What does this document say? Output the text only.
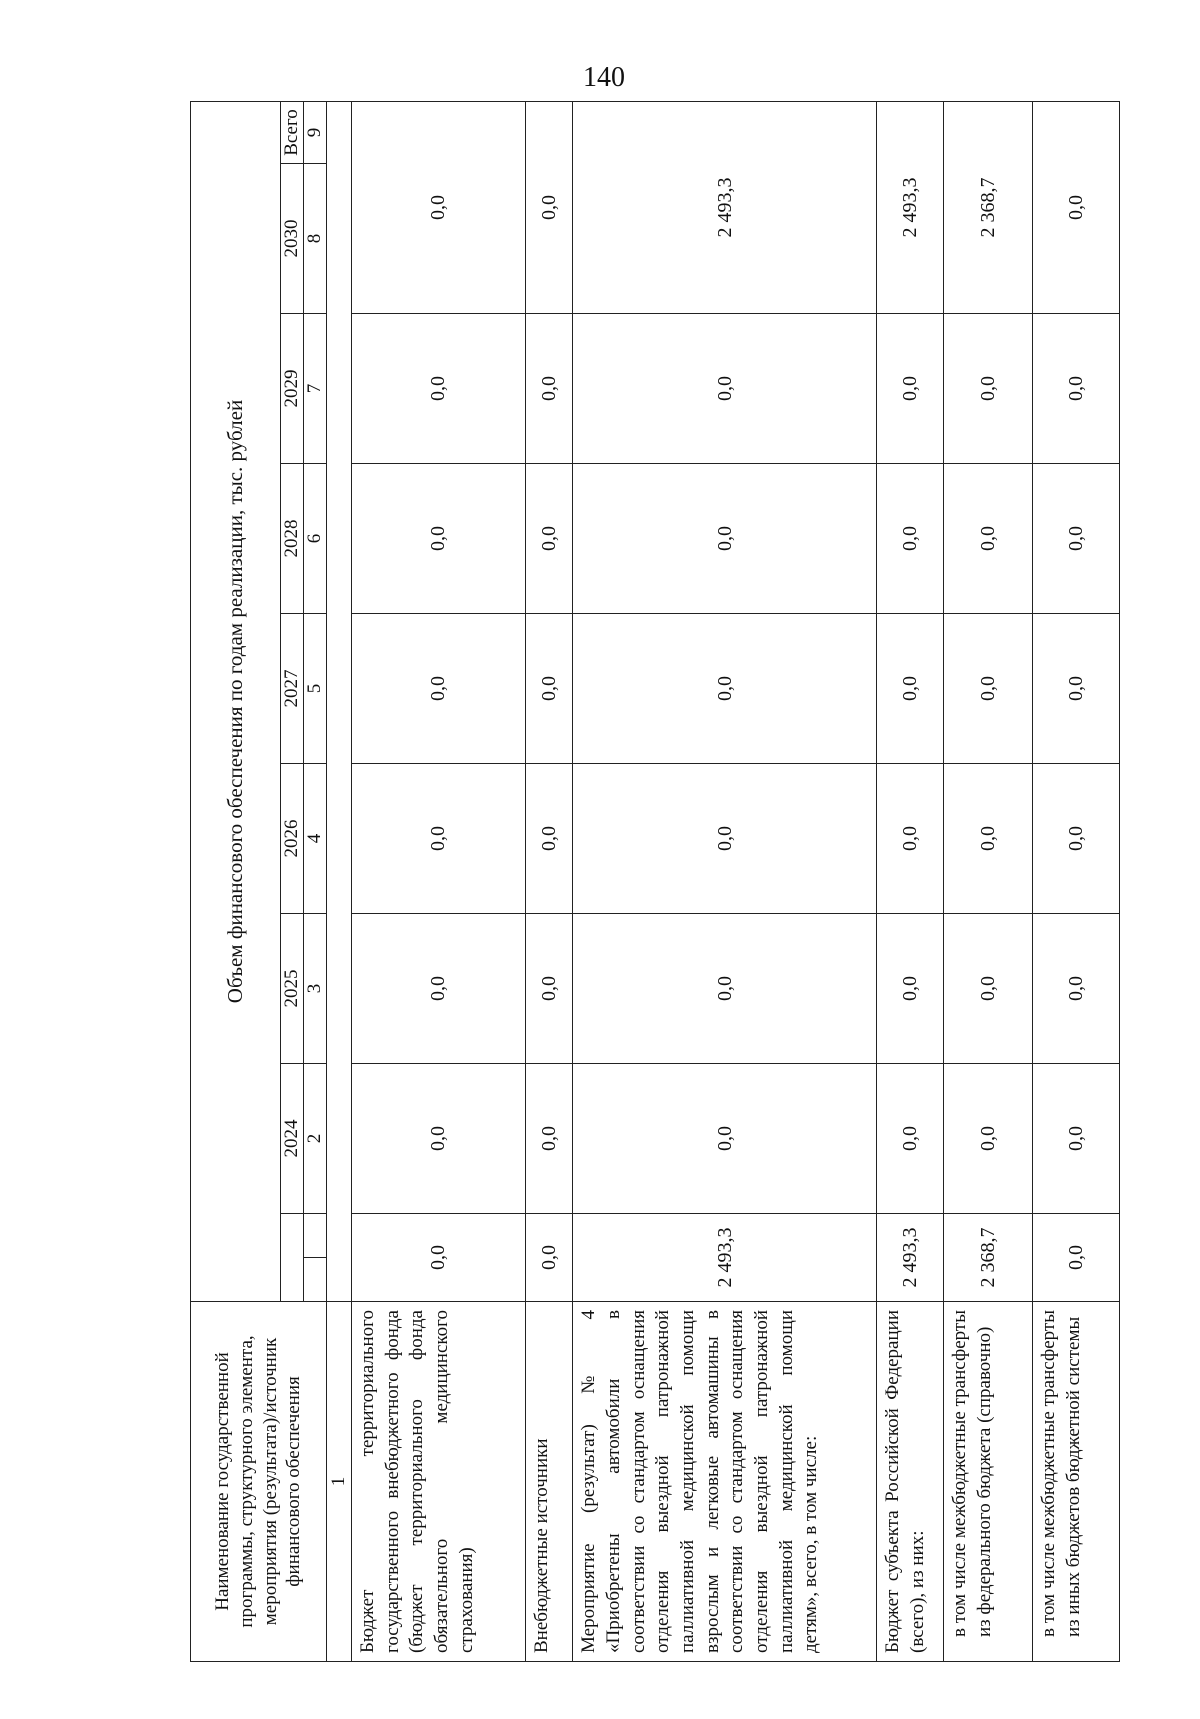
140
Наименование государственной программы, структурного элемента, мероприятия (результата)/источник финансового обеспечения	Объем финансового обеспечения по годам реализации, тыс. рублей									
			2024	2025	2026	2027	2028	2029	2030	Всего
			2	3	4	5	6	7	8	9
1										
Бюджет территориального государственного внебюджетного фонда (бюджет территориального фонда обязательного медицинского страхования)	0,0		0,0	0,0	0,0	0,0	0,0	0,0	0,0	
Внебюджетные источники	0,0		0,0	0,0	0,0	0,0	0,0	0,0	0,0	
Мероприятие (результат) № 4 «Приобретены автомобили в соответствии со стандартом оснащения отделения выездной патронажной паллиативной медицинской помощи взрослым и легковые автомашины в соответствии со стандартом оснащения отделения выездной патронажной паллиативной медицинской помощи детям», всего, в том числе:	2 493,3		0,0	0,0	0,0	0,0	0,0	0,0	2 493,3	
Бюджет субъекта Российской Федерации (всего), из них:	2 493,3		0,0	0,0	0,0	0,0	0,0	0,0	2 493,3	
в том числе межбюджетные трансферты из федерального бюджета (справочно)	2 368,7		0,0	0,0	0,0	0,0	0,0	0,0	2 368,7	
в том числе межбюджетные трансферты из иных бюджетов бюджетной системы	0,0		0,0	0,0	0,0	0,0	0,0	0,0	0,0	
